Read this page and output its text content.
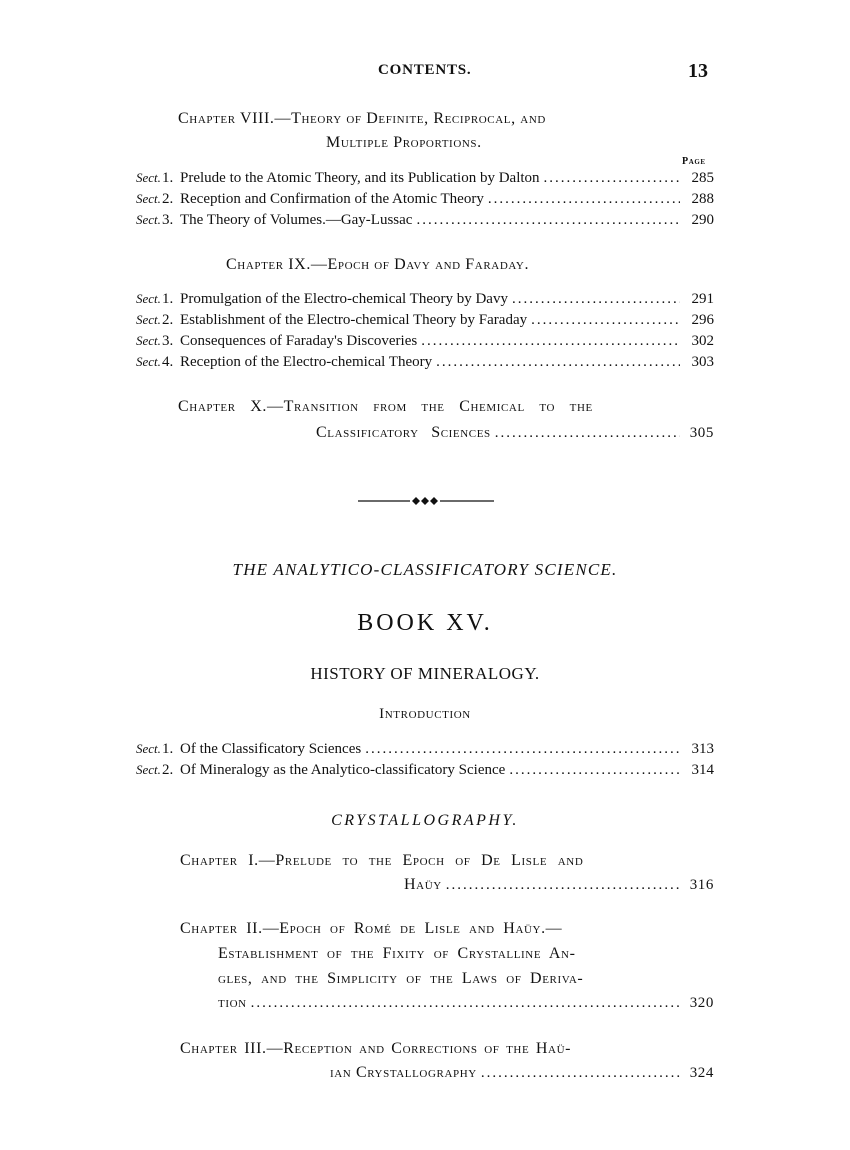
CONTENTS.	13
Chapter VIII.—Theory of Definite, Reciprocal, and
Multiple Proportions.
Page
Sect. 1. Prelude to the Atomic Theory, and its Publication by Dalton .....	285
Sect. 2. Reception and Confirmation of the Atomic Theory .....	288
Sect. 3. The Theory of Volumes.—Gay-Lussac .....	290
Chapter IX.—Epoch of Davy and Faraday.
Sect. 1. Promulgation of the Electro-chemical Theory by Davy .....	291
Sect. 2. Establishment of the Electro-chemical Theory by Faraday .....	296
Sect. 3. Consequences of Faraday's Discoveries .....	302
Sect. 4. Reception of the Electro-chemical Theory .....	303
Chapter X.—Transition from the Chemical to the
Classificatory Sciences .....	305
THE ANALYTICO-CLASSIFICATORY SCIENCE.
BOOK XV.
HISTORY OF MINERALOGY.
Introduction
Sect. 1. Of the Classificatory Sciences .....	313
Sect. 2. Of Mineralogy as the Analytico-classificatory Science .....	314
CRYSTALLOGRAPHY.
Chapter I.—Prelude to the Epoch of De Lisle and
Haüy .....	316
Chapter II.—Epoch of Romé de Lisle and Haüy.—
Establishment of the Fixity of Crystalline An-
gles, and the Simplicity of the Laws of Deriva-
tion .....	320
Chapter III.—Reception and Corrections of the Haü-
ian Crystallography .....	324
